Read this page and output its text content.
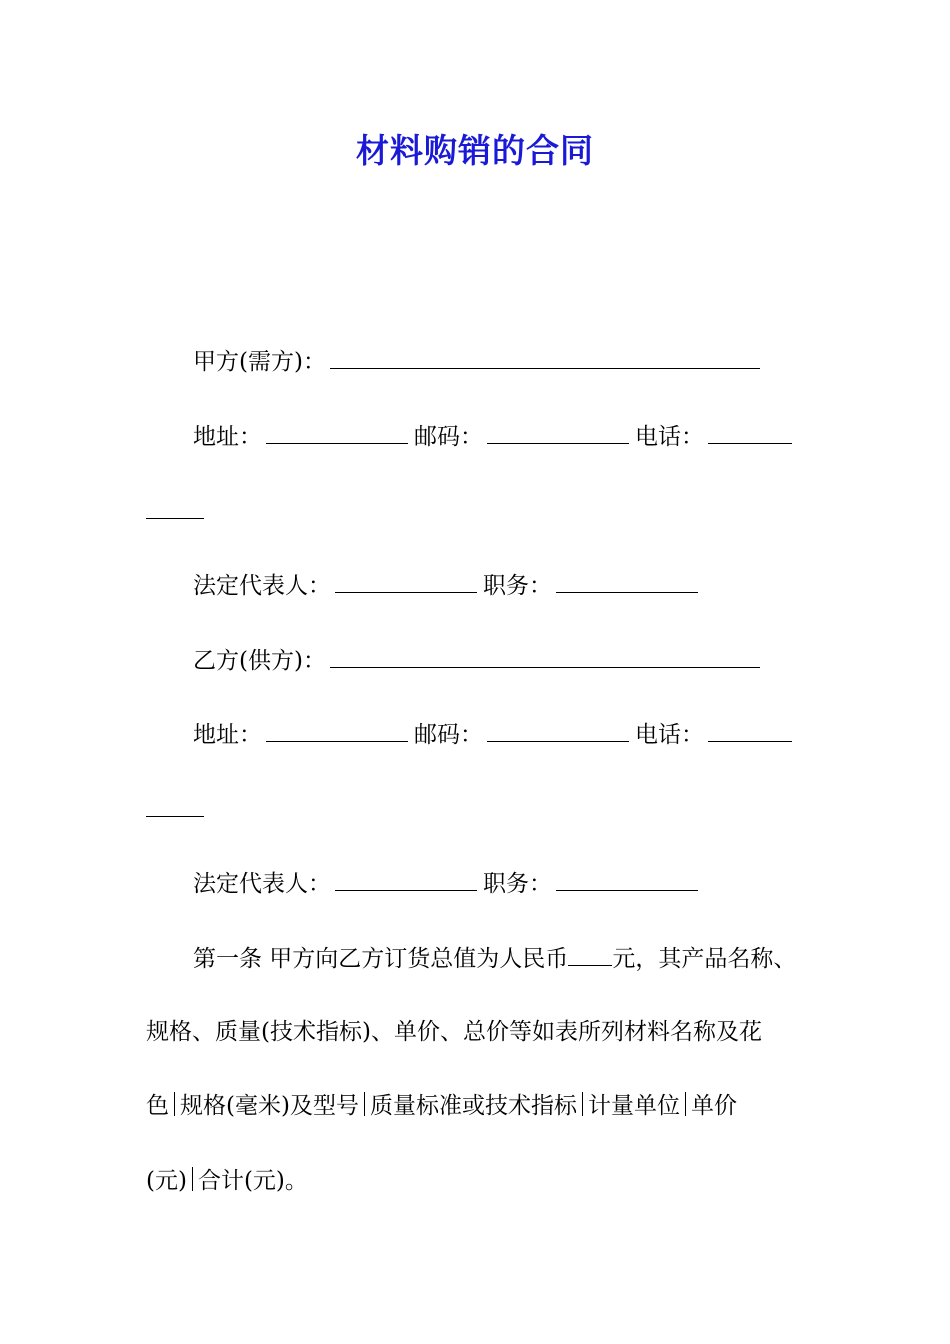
材料购销的合同
甲方(需方)：
地址：	邮码：	电话：
法定代表人：	职务：
乙方(供方)：
地址：	邮码：	电话：
法定代表人：	职务：
第一条 甲方向乙方订货总值为人民币 元，其产品名称、
规格、质量(技术指标)、单价、总价等如表所列材料名称及花
色 规格(毫米)及型号 质量标准或技术指标 计量单位 单价
(元) 合计(元)。
